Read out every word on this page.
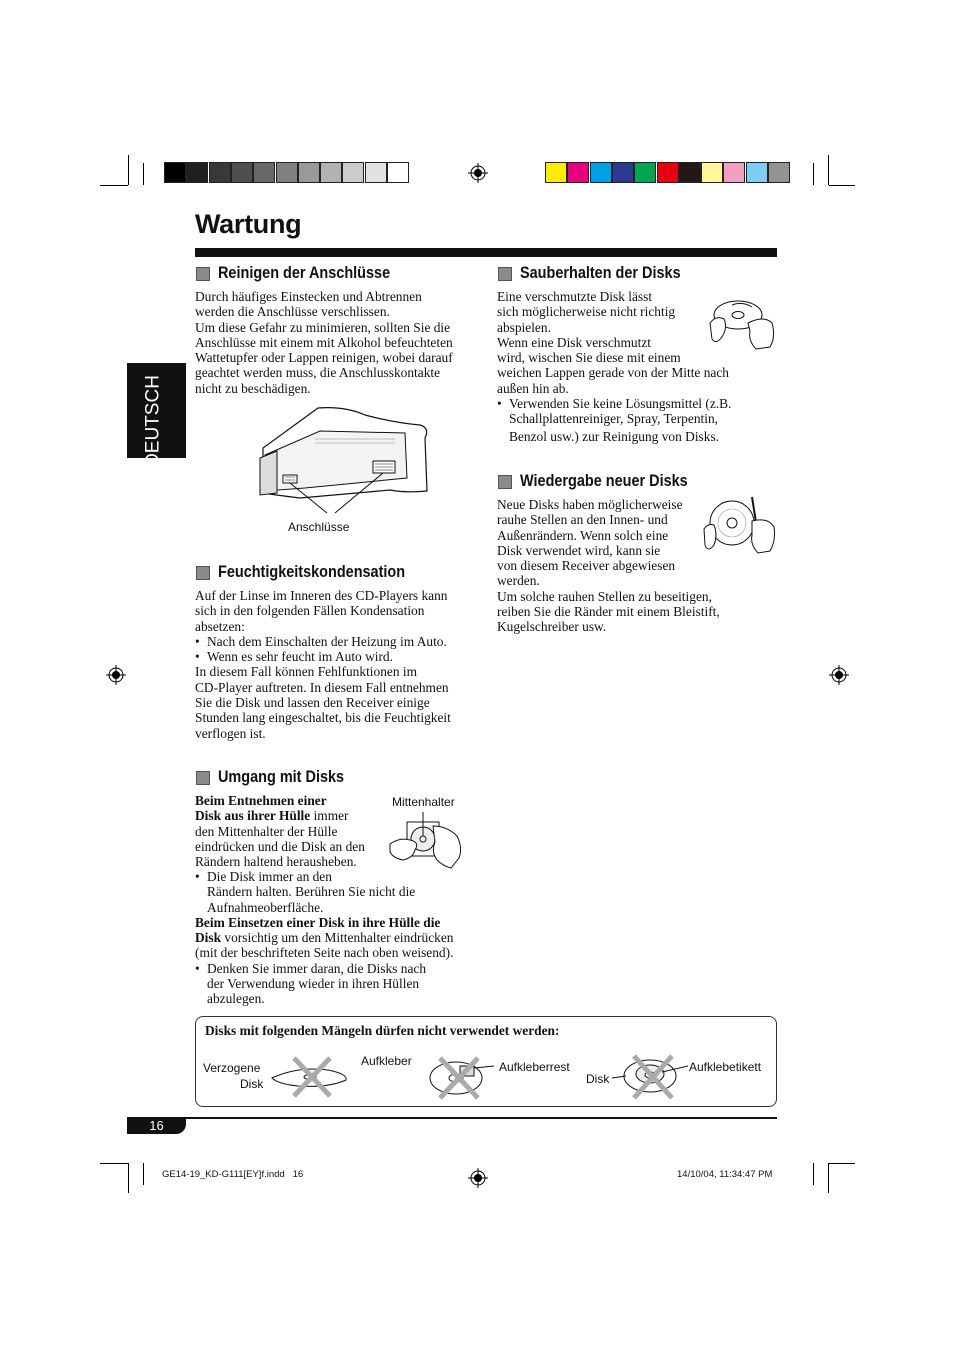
Wartung
DEUTSCH
Reinigen der Anschlüsse

Durch häufiges Einstecken und Abtrennen

werden die Anschlüsse verschlissen.

Um diese Gefahr zu minimieren, sollten Sie die

Anschlüsse mit einem mit Alkohol befeuchteten

Wattetupfer oder Lappen reinigen, wobei darauf

geachtet werden muss, die Anschlusskontakte

nicht zu beschädigen.

Anschlüsse
Feuchtigkeitskondensation

Auf der Linse im Inneren des CD-Players kann

sich in den folgenden Fällen Kondensation

absetzen:

• Nach dem Einschalten der Heizung im Auto.

• Wenn es sehr feucht im Auto wird.

In diesem Fall können Fehlfunktionen im

CD-Player auftreten. In diesem Fall entnehmen

Sie die Disk und lassen den Receiver einige

Stunden lang eingeschaltet, bis die Feuchtigkeit

verflogen ist.

Umgang mit Disks

Beim Entnehmen einer

Disk aus ihrer Hülle immer

den Mittenhalter der Hülle

eindrücken und die Disk an den

Rändern haltend herausheben.

• Die Disk immer an den

Rändern halten. Berühren Sie nicht die

Aufnahmeoberfläche.

Beim Einsetzen einer Disk in ihre Hülle die

Disk vorsichtig um den Mittenhalter eindrücken

(mit der beschrifteten Seite nach oben weisend).

• Denken Sie immer daran, die Disks nach

der Verwendung wieder in ihren Hüllen

abzulegen.

Mittenhalter
Sauberhalten der Disks

Eine verschmutzte Disk lässt

sich möglicherweise nicht richtig

abspielen.

Wenn eine Disk verschmutzt

wird, wischen Sie diese mit einem

weichen Lappen gerade von der Mitte nach

außen hin ab.

• Verwenden Sie keine Lösungsmittel (z.B.

Schallplattenreiniger, Spray, Terpentin,

Benzol usw.) zur Reinigung von Disks.

Wiedergabe neuer Disks

Neue Disks haben möglicherweise

rauhe Stellen an den Innen- und

Außenrändern. Wenn solch eine

Disk verwendet wird, kann sie

von diesem Receiver abgewiesen

werden.

Um solche rauhen Stellen zu beseitigen,

reiben Sie die Ränder mit einem Bleistift,

Kugelschreiber usw.

Disks mit folgenden Mängeln dürfen nicht verwendet werden:
Verzogene
Disk
Aufkleber	Aufkleberrest
Disk
Aufklebetikett
16
GE14-19_KD-G111[EY]f.indd   16	14/10/04, 11:34:47 PM
